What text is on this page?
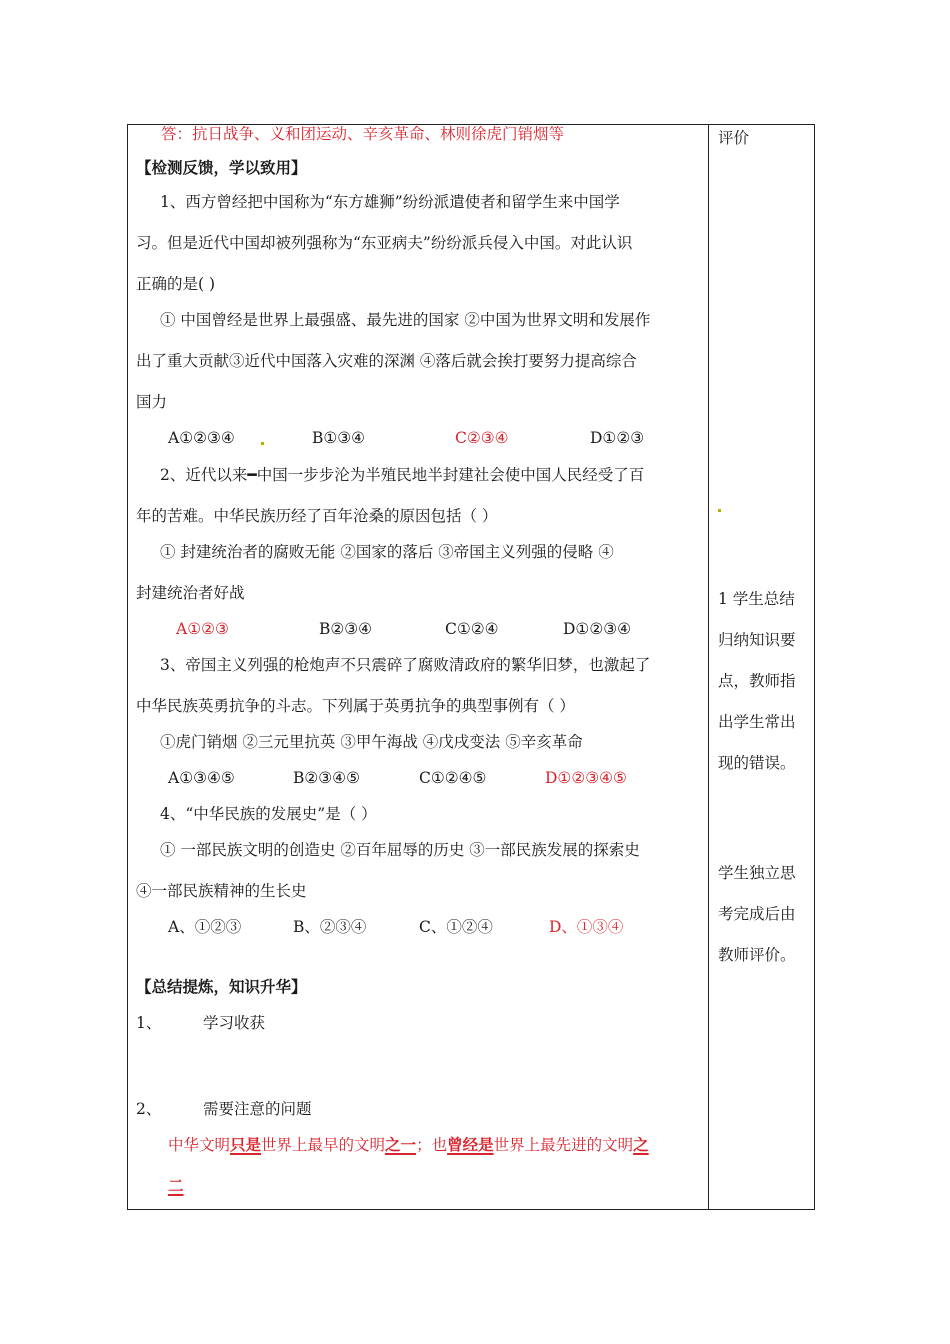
答：抗日战争、义和团运动、辛亥革命、林则徐虎门销烟等
【检测反馈，学以致用】
1、西方曾经把中国称为“东方雄狮”纷纷派遣使者和留学生来中国学
习。但是近代中国却被列强称为“东亚病夫”纷纷派兵侵入中国。对此认识
正确的是( )
① 中国曾经是世界上最强盛、最先进的国家 ②中国为世界文明和发展作
出了重大贡献③近代中国落入灾难的深渊 ④落后就会挨打要努力提高综合
国力
A①②③④	B①③④	C②③④	D①②③
2、近代以来━中国一步步沦为半殖民地半封建社会使中国人民经受了百
年的苦难。中华民族历经了百年沧桑的原因包括（ ）
① 封建统治者的腐败无能 ②国家的落后 ③帝国主义列强的侵略 ④
封建统治者好战
A①②③	B②③④	C①②④	D①②③④
3、帝国主义列强的枪炮声不只震碎了腐败清政府的繁华旧梦，也激起了
中华民族英勇抗争的斗志。下列属于英勇抗争的典型事例有（ ）
①虎门销烟 ②三元里抗英 ③甲午海战 ④戊戌变法 ⑤辛亥革命
A①③④⑤	B②③④⑤	C①②④⑤	D①②③④⑤
4、“中华民族的发展史”是（ ）
① 一部民族文明的创造史 ②百年屈辱的历史 ③一部民族发展的探索史
④一部民族精神的生长史
A、①②③	B、②③④	C、①②④	D、①③④
【总结提炼，知识升华】
1、	学习收获
2、	需要注意的问题
中华文明只是世界上最早的文明之一；也曾经是世界上最先进的文明之
二
评价
1 学生总结
归纳知识要
点，教师指
出学生常出
现的错误。
学生独立思
考完成后由
教师评价。
